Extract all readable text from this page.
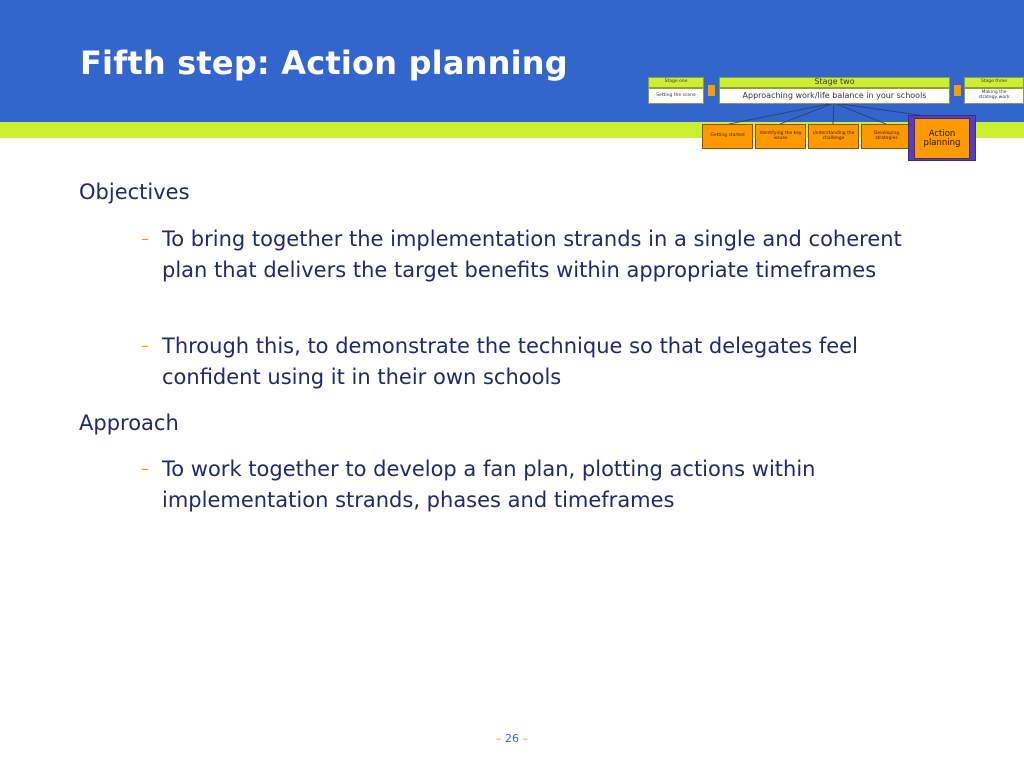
Fifth step: Action planning	Stage one
Setting the scene
Stage two
Approaching work/life balance in your schools
Stage three
Making the strategy work
Getting started	Identifying the key issues
Understanding the challenge
Developing strategies	Action planning
Objectives
– To bring together the implementation strands in a single and coherent plan that delivers the target benefits within appropriate timeframes
– Through this, to demonstrate the technique so that delegates feel confident using it in their own schools
Approach
– To work together to develop a fan plan, plotting actions within implementation strands, phases and timeframes
– 26 –
